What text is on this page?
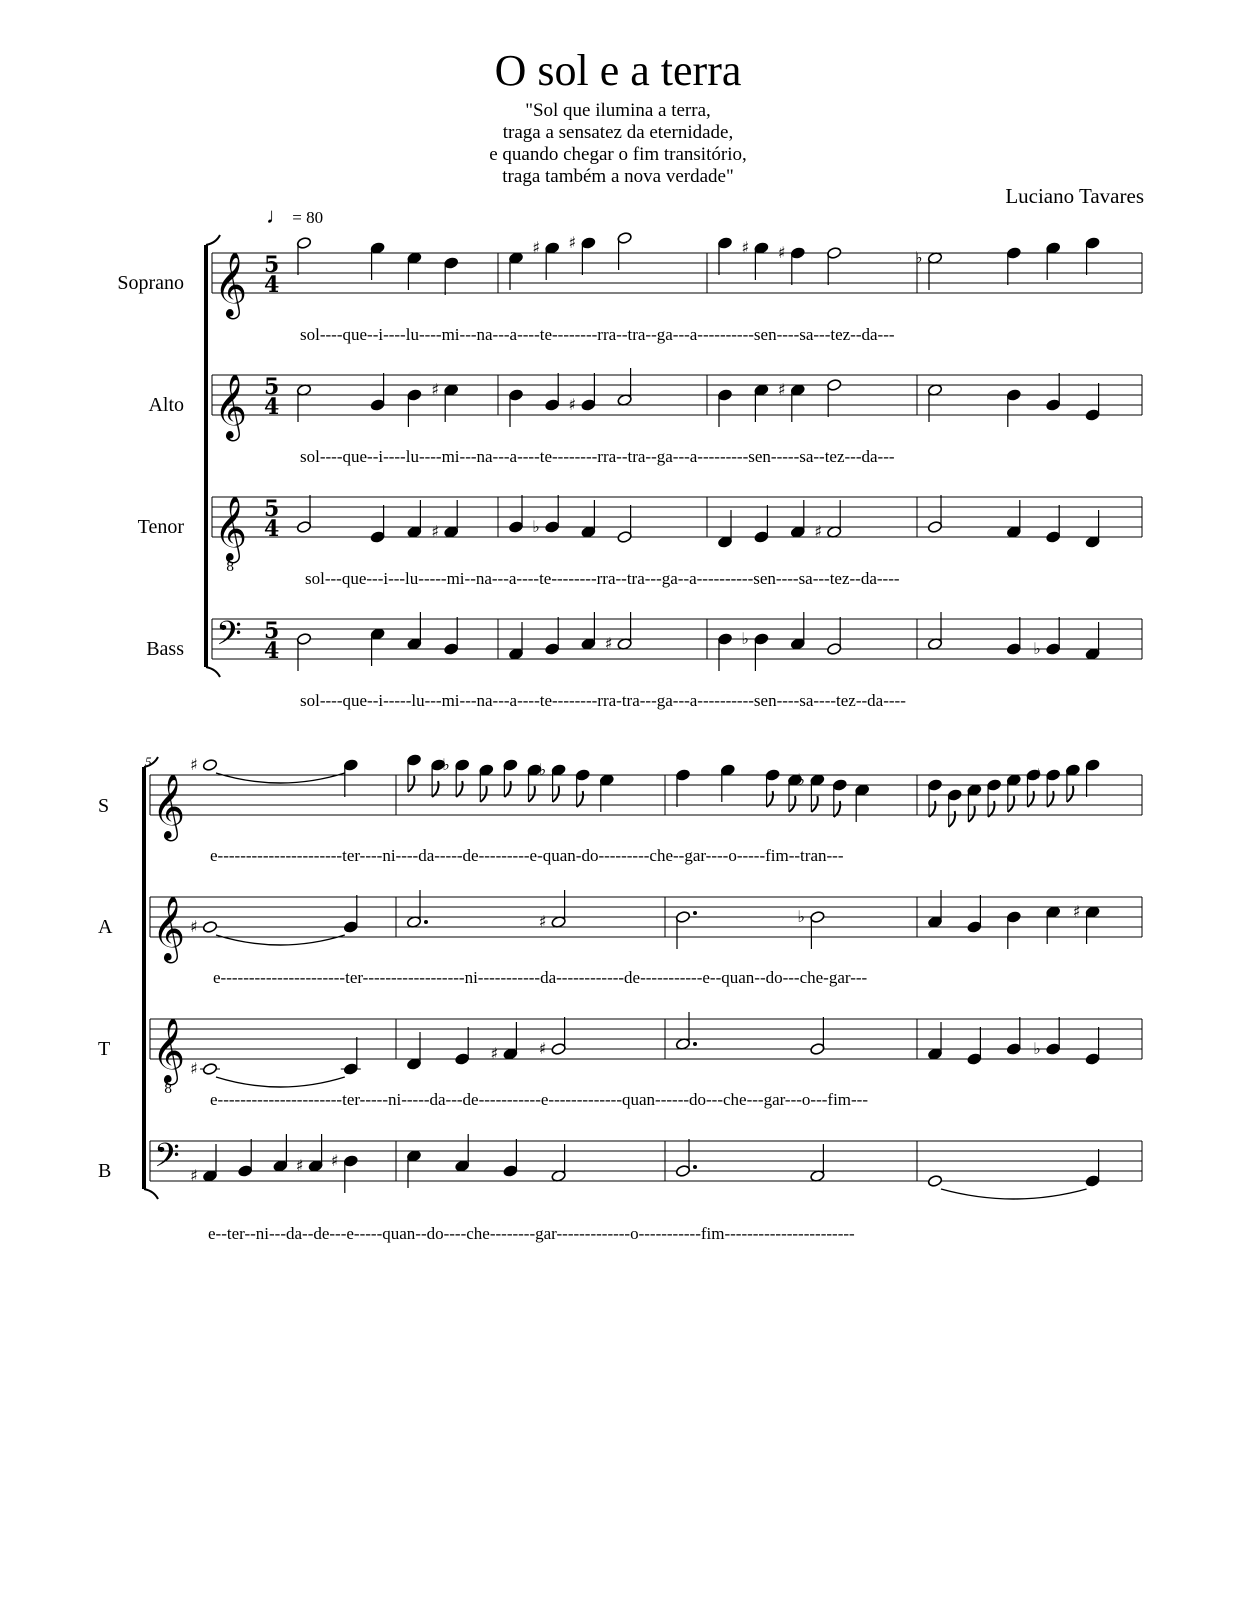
O sol e a terra
"Sol que ilumina a terra,
traga a sensatez da eternidade,
e quando chegar o fim transitório,
traga também a nova verdade"
Luciano Tavares
♩ = 80
Soprano
Alto
Tenor
Bass
S
A
T
B
5
sol----que--i----lu----mi---na---a----te--------rra--tra--ga---a----------sen----sa---tez--da---
sol----que--i----lu----mi---na---a----te--------rra--tra--ga---a---------sen-----sa--tez---da---
sol---que---i---lu-----mi--na---a----te--------rra--tra---ga--a----------sen----sa---tez--da----
sol----que--i-----lu---mi---na---a----te--------rra-tra---ga---a----------sen----sa----tez--da----
e----------------------ter----ni----da-----de---------e-quan-do---------che--gar----o-----fim--tran---
e----------------------ter------------------ni-----------da------------de-----------e--quan--do---che-gar---
e----------------------ter-----ni-----da---de-----------e-------------quan------do---che---gar---o---fim---
e--ter--ni---da--de---e-----quan--do----che--------gar-------------o-----------fim-----------------------
𝄞 5
4
♯ ♯	♯ ♯	♭
𝄞 5
4
♯
♯
♯
𝄞
8
5
4	♯	♭	♯
𝄢 5
4	♯	♭
♭
𝄞
♯	♭	♭
♭	♯
𝄞 ♯	♯	♭	♯
𝄞
8
♯
♯	♯	♭
𝄢 ♯
♯ ♯
